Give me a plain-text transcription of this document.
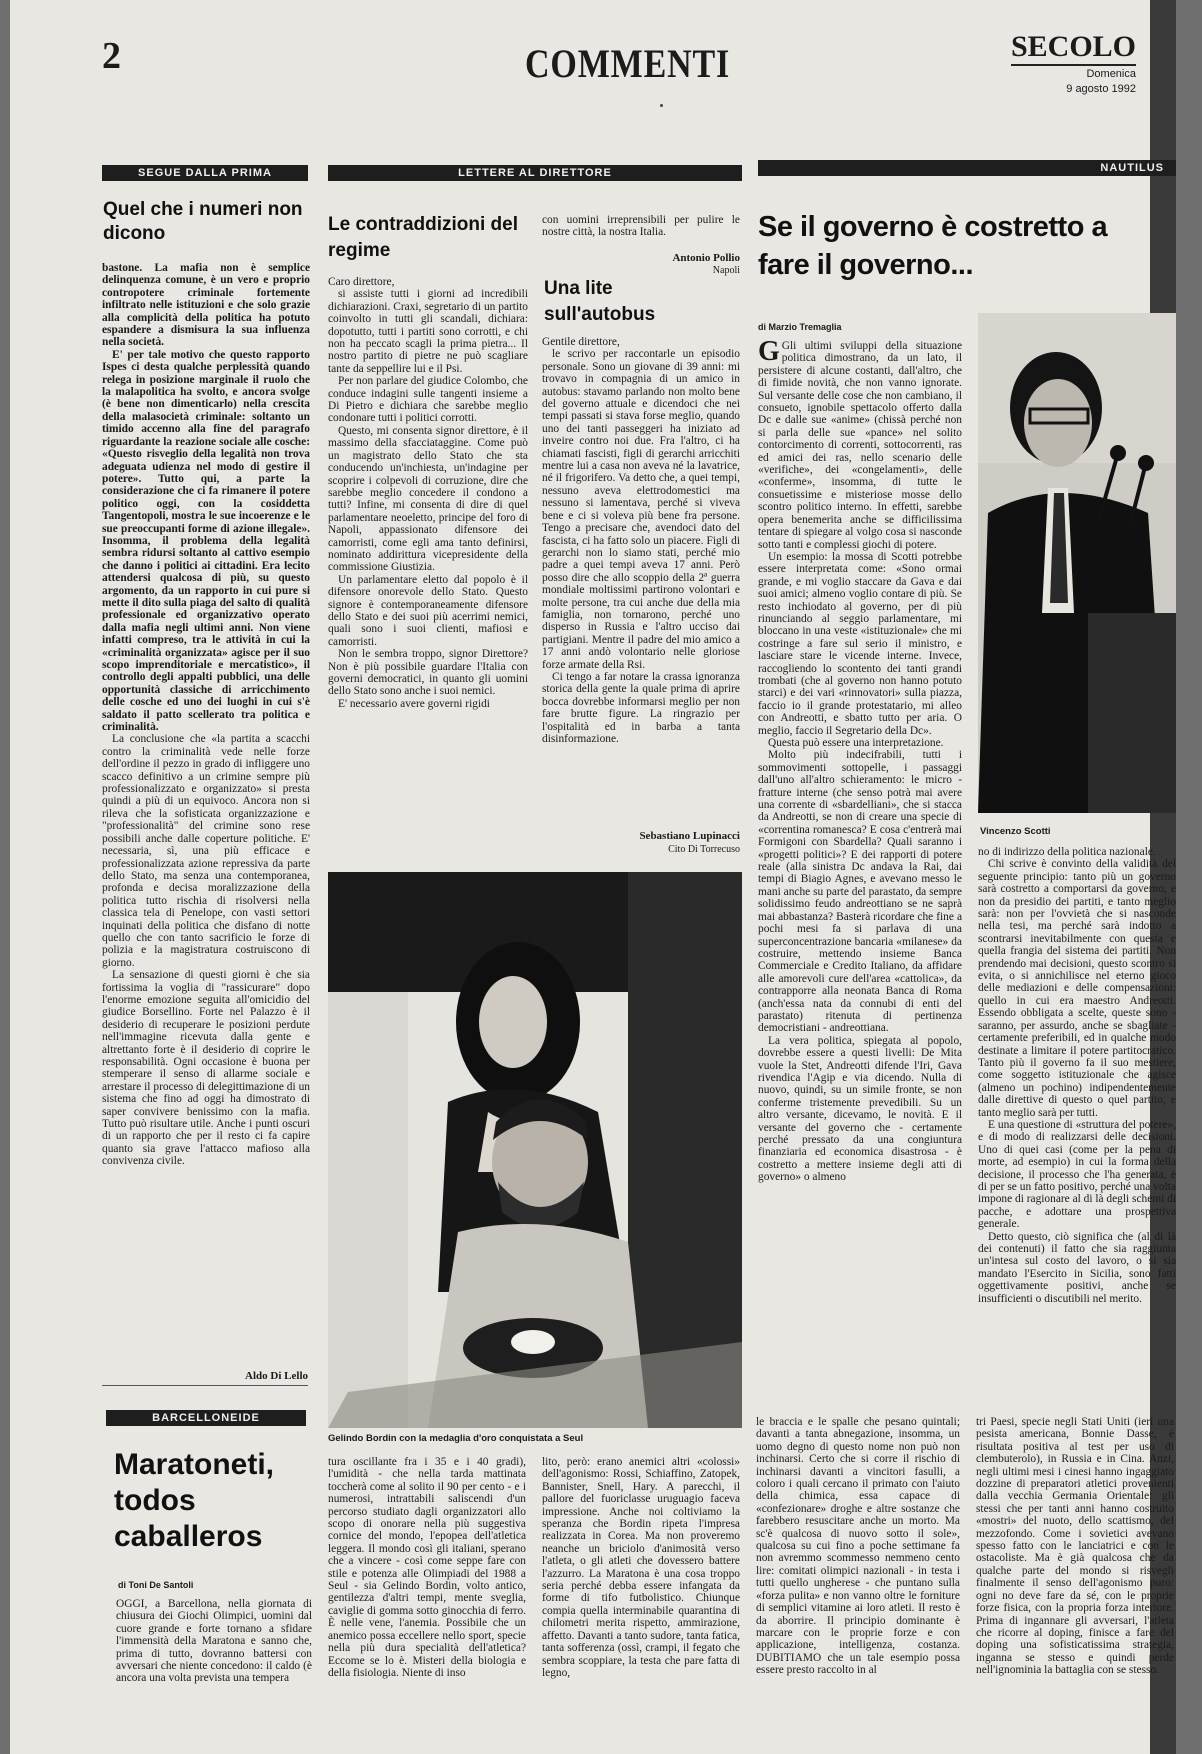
2	COMMENTI	SECOLO
Domenica
9 agosto 1992
SEGUE DALLA PRIMA
Quel che i numeri non dicono

bastone. La mafia non è semplice delinquenza comune, è un vero e proprio contropotere criminale fortemente infiltrato nelle istituzioni e che solo grazie alla complicità della politica ha potuto espandere a dismisura la sua influenza nella società.

E' per tale motivo che questo rapporto Ispes ci desta qualche perplessità quando relega in posizione marginale il ruolo che la malapolitica ha svolto, e ancora svolge (è bene non dimenticarlo) nella crescita della malasocietà criminale: soltanto un timido accenno alla fine del paragrafo riguardante la reazione sociale alle cosche: «Questo risveglio della legalità non trova adeguata udienza nel modo di gestire il potere». Tutto qui, a parte la considerazione che ci fa rimanere il potere politico oggi, con la cosiddetta Tangentopoli, mostra le sue incoerenze e le sue preoccupanti forme di azione illegale». Insomma, il problema della legalità sembra ridursi soltanto al cattivo esempio che danno i politici ai cittadini. Era lecito attendersi qualcosa di più, su questo argomento, da un rapporto in cui pure si mette il dito sulla piaga del salto di qualità professionale ed organizzativo operato dalla mafia negli ultimi anni. Non viene infatti compreso, tra le attività in cui la «criminalità organizzata» agisce per il suo scopo imprenditoriale e mercatistico», il controllo degli appalti pubblici, una delle opportunità classiche di arricchimento delle cosche ed uno dei luoghi in cui s'è saldato il patto scellerato tra politica e criminalità.

La conclusione che «la partita a scacchi contro la criminalità vede nelle forze dell'ordine il pezzo in grado di infliggere uno scacco definitivo a un crimine sempre più professionalizzato e organizzato» si presta quindi a più di un equivoco. Ancora non si rileva che la sofisticata organizzazione e "professionalità" del crimine sono rese possibili anche dalle coperture politiche. E' necessaria, sì, una più efficace e professionalizzata azione repressiva da parte dello Stato, ma senza una contemporanea, profonda e decisa moralizzazione della politica tutto rischia di risolversi nella classica tela di Penelope, con vasti settori inquinati della politica che disfano di notte quello che con tanto sacrificio le forze di polizia e la magistratura costruiscono di giorno.

La sensazione di questi giorni è che sia fortissima la voglia di "rassicurare" dopo l'enorme emozione seguita all'omicidio del giudice Borsellino. Forte nel Palazzo è il desiderio di recuperare le posizioni perdute nell'immagine ricevuta dalla gente e altrettanto forte è il desiderio di coprire le responsabilità. Ogni occasione è buona per stemperare il senso di allarme sociale e arrestare il processo di delegittimazione di un sistema che fino ad oggi ha dimostrato di saper convivere benissimo con la mafia. Tutto può risultare utile. Anche i punti oscuri di un rapporto che per il resto ci fa capire quanto sia grave l'attacco mafioso alla convivenza civile.

Aldo Di Lello
LETTERE AL DIRETTORE
Le contraddizioni del regime

Caro direttore,

si assiste tutti i giorni ad incredibili dichiarazioni. Craxi, segretario di un partito coinvolto in tutti gli scandali, dichiara: dopotutto, tutti i partiti sono corrotti, e chi non ha peccato scagli la prima pietra... Il nostro partito di pietre ne può scagliare tante da seppellire lui e il Psi.

Per non parlare del giudice Colombo, che conduce indagini sulle tangenti insieme a Di Pietro e dichiara che sarebbe meglio condonare tutti i politici corrotti.

Questo, mi consenta signor direttore, è il massimo della sfacciataggine. Come può un magistrato dello Stato che sta conducendo un'inchiesta, un'indagine per scoprire i colpevoli di corruzione, dire che sarebbe meglio concedere il condono a tutti? Infine, mi consenta di dire di quel parlamentare neoeletto, principe del foro di Napoli, appassionato difensore dei camorristi, come egli ama tanto definirsi, nominato addirittura vicepresidente della commissione Giustizia.

Un parlamentare eletto dal popolo è il difensore onorevole dello Stato. Questo signore è contemporaneamente difensore dello Stato e dei suoi più acerrimi nemici, quali sono i suoi clienti, mafiosi e camorristi.

Non le sembra troppo, signor Direttore? Non è più possibile guardare l'Italia con governi democratici, in quanto gli uomini dello Stato sono anche i suoi nemici.

E' necessario avere governi rigidi

con uomini irreprensibili per pulire le nostre città, la nostra Italia.

Antonio Pollio
Napoli
Una lite sull'autobus

Gentile direttore,

le scrivo per raccontarle un episodio personale. Sono un giovane di 39 anni: mi trovavo in compagnia di un amico in autobus: stavamo parlando non molto bene del governo attuale e dicendoci che nei tempi passati si stava forse meglio, quando uno dei tanti passeggeri ha iniziato ad inveire contro noi due. Fra l'altro, ci ha chiamati fascisti, figli di gerarchi arricchiti mentre lui a casa non aveva né la lavatrice, né il frigorifero. Va detto che, a quei tempi, nessuno aveva elettrodomestici ma nessuno si lamentava, perché si viveva bene e ci si voleva più bene fra persone. Tengo a precisare che, avendoci dato del fascista, ci ha fatto solo un piacere. Figli di gerarchi non lo siamo stati, perché mio padre a quei tempi aveva 17 anni. Però posso dire che allo scoppio della 2ª guerra mondiale moltissimi partirono volontari e molte persone, tra cui anche due della mia famiglia, non tornarono, perché uno disperso in Russia e l'altro ucciso dai partigiani. Mentre il padre del mio amico a 17 anni andò volontario nelle gloriose forze armate della Rsi.

Ci tengo a far notare la crassa ignoranza storica della gente la quale prima di aprire bocca dovrebbe informarsi meglio per non fare brutte figure. La ringrazio per l'ospitalità ed in barba a tanta disinformazione.

Sebastiano Lupinacci
Cito Di Torrecuso
Gelindo Bordin con la medaglia d'oro conquistata a Seul
NAUTILUS
Se il governo è costretto a fare il governo...
di Marzio Tremaglia

G Gli ultimi sviluppi della situazione politica dimostrano, da un lato, il persistere di alcune costanti, dall'altro, che di fimide novità, che non vanno ignorate. Sul versante delle cose che non cambiano, il consueto, ignobile spettacolo offerto dalla Dc e dalle sue «anime» (chissà perché non si parla delle sue «pance» nel solito contorcimento di correnti, sottocorrenti, ras ed amici dei ras, nello scenario delle «verifiche», dei «congelamenti», delle «conferme», insomma, di tutte le consuetissime e misteriose mosse dello scontro politico interno. In effetti, sarebbe opera benemerita anche se difficilissima tentare di spiegare al volgo cosa si nasconde sotto tanti e complessi giochi di potere.

Un esempio: la mossa di Scotti potrebbe essere interpretata come: «Sono ormai grande, e mi voglio staccare da Gava e dai suoi amici; almeno voglio contare di più. Se resto inchiodato al governo, per di più rinunciando al seggio parlamentare, mi bloccano in una veste «istituzionale» che mi costringe a fare sul serio il ministro, e lasciare stare le vicende interne. Invece, raccogliendo lo scontento dei tanti grandi trombati (che al governo non hanno potuto starci) e dei vari «rinnovatori» sulla piazza, faccio io il grande protestatario, mi alleo con Andreotti, e sbatto tutto per aria. O meglio, faccio il Segretario della Dc».

Questa può essere una interpretazione.

Molto più indecifrabili, tutti i sommovimenti sottopelle, i passaggi dall'uno all'altro schieramento: le micro - fratture interne (che senso potrà mai avere una corrente di «sbardelliani», che si stacca da Andreotti, se non di creare una specie di «correntina romanesca? E cosa c'entrerà mai Formigoni con Sbardella? Quali saranno i «progetti politici»? E dei rapporti di potere reale (alla sinistra Dc andava la Rai, dai tempi di Biagio Agnes, e avevano messo le mani anche su parte del parastato, da sempre solidissimo feudo andreottiano se ne saprà mai abbastanza? Basterà ricordare che fine a pochi mesi fa si parlava di una superconcentrazione bancaria «milanese» da costruire, mettendo insieme Banca Commerciale e Credito Italiano, da affidare alle amorevoli cure dell'area «cattolica», da contrapporre alla neonata Banca di Roma (anch'essa nata da connubi di enti del parastato) ritenuta di pertinenza democristiani - andreottiana.

La vera politica, spiegata al popolo, dovrebbe essere a questi livelli: De Mita vuole la Stet, Andreotti difende l'Iri, Gava rivendica l'Agip e via dicendo. Nulla di nuovo, quindi, su un simile fronte, se non conferme tristemente prevedibili. Su un altro versante, dicevamo, le novità. E il versante del governo che - certamente perché pressato da una congiuntura finanziaria ed economica disastrosa - è costretto a mettere insieme degli atti di governo» o almeno

Vincenzo Scotti

no di indirizzo della politica nazionale.

Chi scrive è convinto della validità del seguente principio: tanto più un governo sarà costretto a comportarsi da governo, e non da presidio dei partiti, e tanto meglio sarà: non per l'ovvietà che si nasconde nella tesi, ma perché sarà indotto a scontrarsi inevitabilmente con questa e quella frangia del sistema dei partiti. Non prendendo mai decisioni, questo scontro si evita, o si annichilisce nel eterno gioco delle mediazioni e delle compensazioni: quello in cui era maestro Andreotti. Essendo obbligata a scelte, queste sono - saranno, per assurdo, anche se sbagliate - certamente preferibili, ed in qualche modo destinate a limitare il potere partitocratico. Tanto più il governo fa il suo mestiere, come soggetto istituzionale che agisce (almeno un pochino) indipendentemente dalle direttive di questo o quel partito, e tanto meglio sarà per tutti.

E una questione di «struttura del potere», e di modo di realizzarsi delle decisioni. Uno di quei casi (come per la pena di morte, ad esempio) in cui la forma della decisione, il processo che l'ha generata, è di per se un fatto positivo, perché una volta impone di ragionare al di là degli schemi di pacche, e adottare una prospettiva generale.

Detto questo, ciò significa che (al di là dei contenuti) il fatto che sia raggiunta un'intesa sul costo del lavoro, o si sia mandato l'Esercito in Sicilia, sono fatti oggettivamente positivi, anche se insufficienti o discutibili nel merito.

BARCELLONEIDE
Maratoneti, todos caballeros
di Toni De Santoli

OGGI, a Barcellona, nella giornata di chiusura dei Giochi Olimpici, uomini dal cuore grande e forte tornano a sfidare l'immensità della Maratona e sanno che, prima di tutto, dovranno battersi con avversari che niente concedono: il caldo (è ancora una volta prevista una tempera

tura oscillante fra i 35 e i 40 gradi), l'umidità - che nella tarda mattinata toccherà come al solito il 90 per cento - e i numerosi, intrattabili saliscendi d'un percorso studiato dagli organizzatori allo scopo di onorare nella più suggestiva cornice del mondo, l'epopea dell'atletica leggera. Il mondo così gli italiani, sperano che a vincere - così come seppe fare con stile e potenza alle Olimpiadi del 1988 a Seul - sia Gelindo Bordin, volto antico, gentilezza d'altri tempi, mente sveglia, caviglie di gomma sotto ginocchia di ferro. È nelle vene, l'anemia. Possibile che un anemico possa eccellere nello sport, specie nella più dura specialità dell'atletica? Eccome se lo è. Misteri della biologia e della fisiologia. Niente di inso

lito, però: erano anemici altri «colossi» dell'agonismo: Rossi, Schiaffino, Zatopek, Bannister, Snell, Hary. A parecchi, il pallore del fuoriclasse uruguagio faceva impressione. Anche noi coltiviamo la speranza che Bordin ripeta l'impresa realizzata in Corea. Ma non proveremo neanche un briciolo d'animosità verso l'atleta, o gli atleti che dovessero battere l'azzurro. La Maratona è una cosa troppo seria perché debba essere infangata da forme di tifo futbolistico. Chiunque compia quella interminabile quarantina di chilometri merita rispetto, ammirazione, affetto. Davanti a tanto sudore, tanta fatica, tanta sofferenza (ossì, crampi, il fegato che sembra scoppiare, la testa che pare fatta di legno,

le braccia e le spalle che pesano quintali; davanti a tanta abnegazione, insomma, un uomo degno di questo nome non può non inchinarsi. Certo che si corre il rischio di inchinarsi davanti a vincitori fasulli, a coloro i quali cercano il primato con l'aiuto della chimica, essa capace di «confezionare» droghe e altre sostanze che farebbero resuscitare anche un morto. Ma sc'è qualcosa di nuovo sotto il sole», qualcosa su cui fino a poche settimane fa non avremmo scommesso nemmeno cento lire: comitati olimpici nazionali - in testa i tutti quello ungherese - che puntano sulla «forza pulita» e non vanno oltre le forniture di semplici vitamine ai loro atleti. Il resto è da aborrire. Il principio dominante è marcare con le proprie forze e con applicazione, intelligenza, costanza. DUBITIAMO che un tale esempio possa essere presto raccolto in al

tri Paesi, specie negli Stati Uniti (ieri una pesista americana, Bonnie Dasse, è risultata positiva al test per uso di clembuterolo), in Russia e in Cina. Anzi, negli ultimi mesi i cinesi hanno ingaggiato dozzine di preparatori atletici provenienti dalla vecchia Germania Orientale: gli stessi che per tanti anni hanno costruito «mostri» del nuoto, dello scattismo, del mezzofondo. Come i sovietici avevano spesso fatto con le lanciatrici e con le ostacoliste. Ma è già qualcosa che da qualche parte del mondo si risvegli finalmente il senso dell'agonismo puro: ogni no deve fare da sé, con le proprie forze fisica, con la propria forza interiore. Prima di ingannare gli avversari, l'atleta che ricorre al doping, finisce a fare del doping una sofisticatissima strategia, inganna se stesso e quindi perde nell'ignominia la battaglia con se stesso.
